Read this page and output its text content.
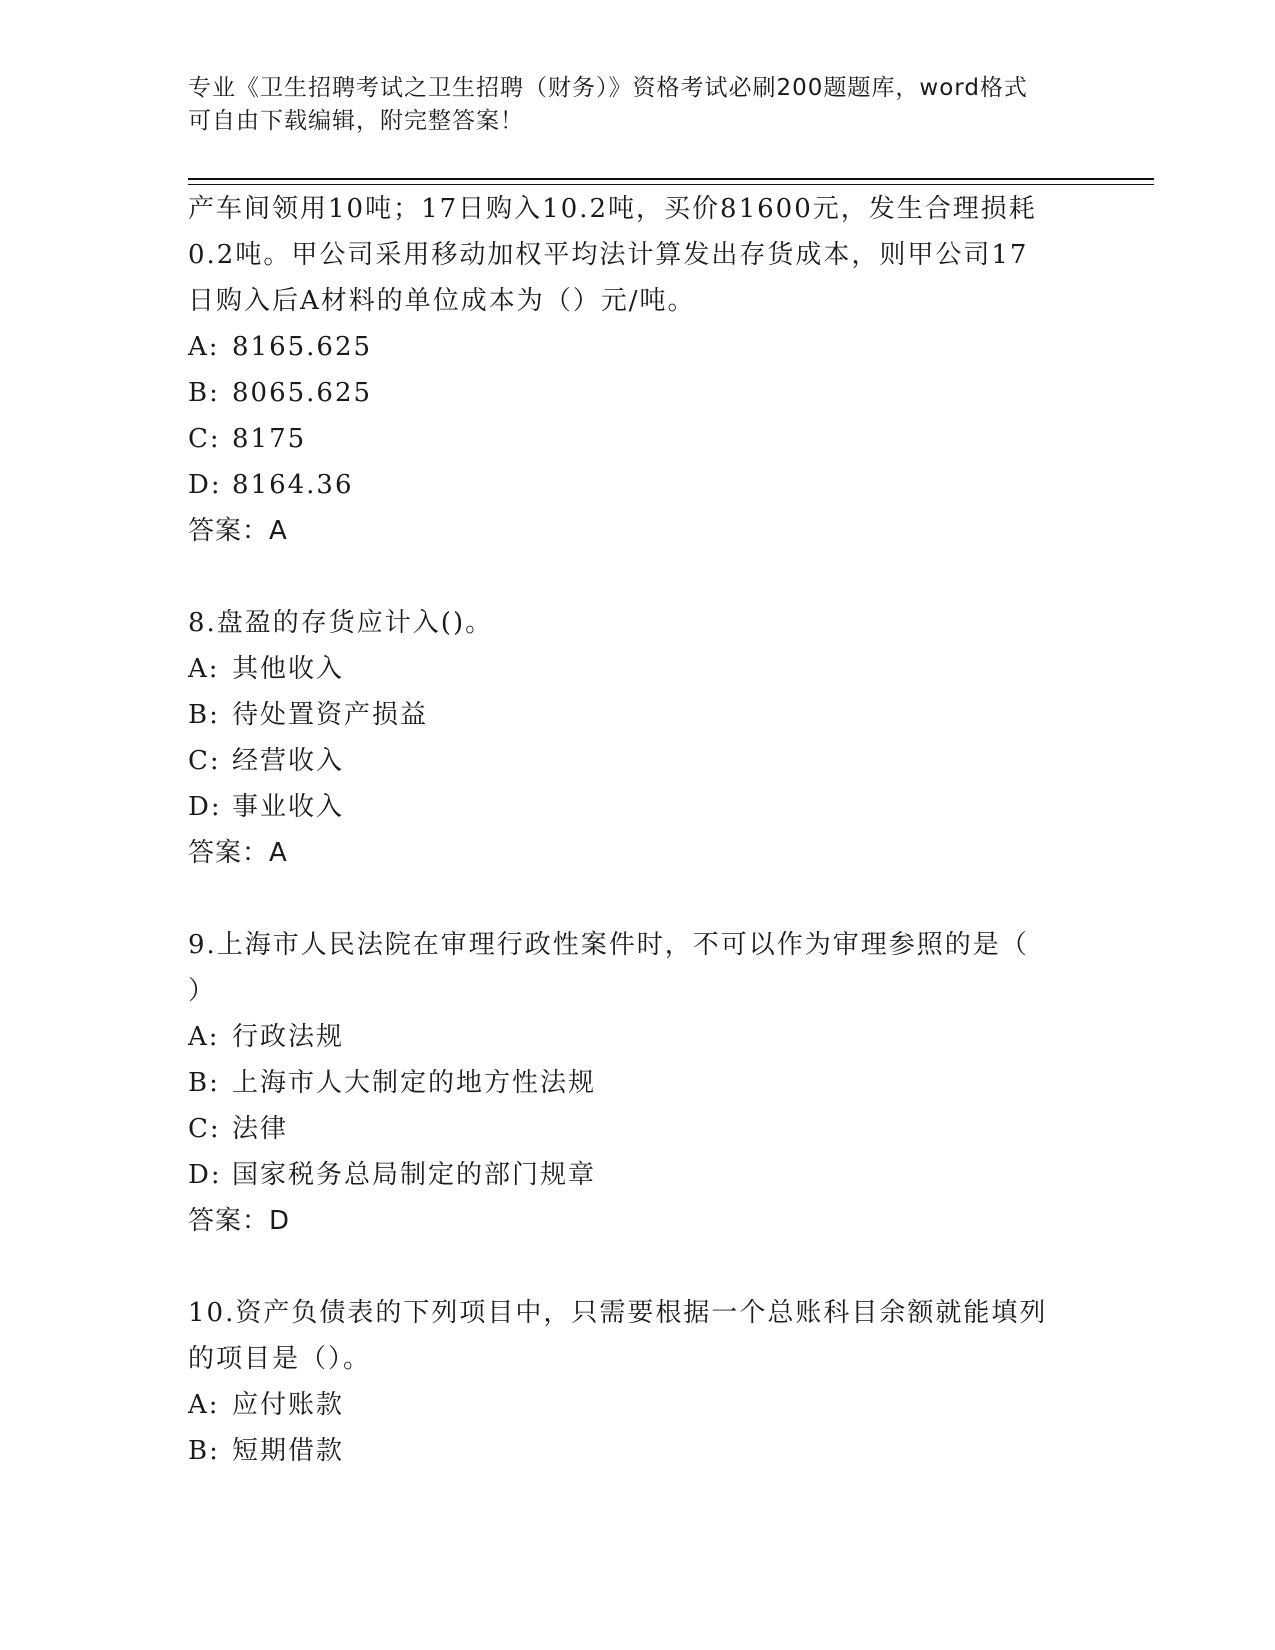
专业《卫生招聘考试之卫生招聘（财务）》资格考试必刷200题题库，word格式
可自由下载编辑，附完整答案！

产车间领用10吨；17日购入10.2吨，买价81600元，发生合理损耗

0.2吨。甲公司采用移动加权平均法计算发出存货成本，则甲公司17

日购入后A材料的单位成本为（）元/吨。

A: 8165.625

B: 8065.625

C: 8175

D: 8164.36

答案：A

8.盘盈的存货应计入()。

A: 其他收入

B: 待处置资产损益

C: 经营收入

D: 事业收入

答案：A

9.上海市人民法院在审理行政性案件时，不可以作为审理参照的是（

）

A: 行政法规

B: 上海市人大制定的地方性法规

C: 法律

D: 国家税务总局制定的部门规章

答案：D

10.资产负债表的下列项目中，只需要根据一个总账科目余额就能填列

的项目是（）。

A: 应付账款

B: 短期借款
